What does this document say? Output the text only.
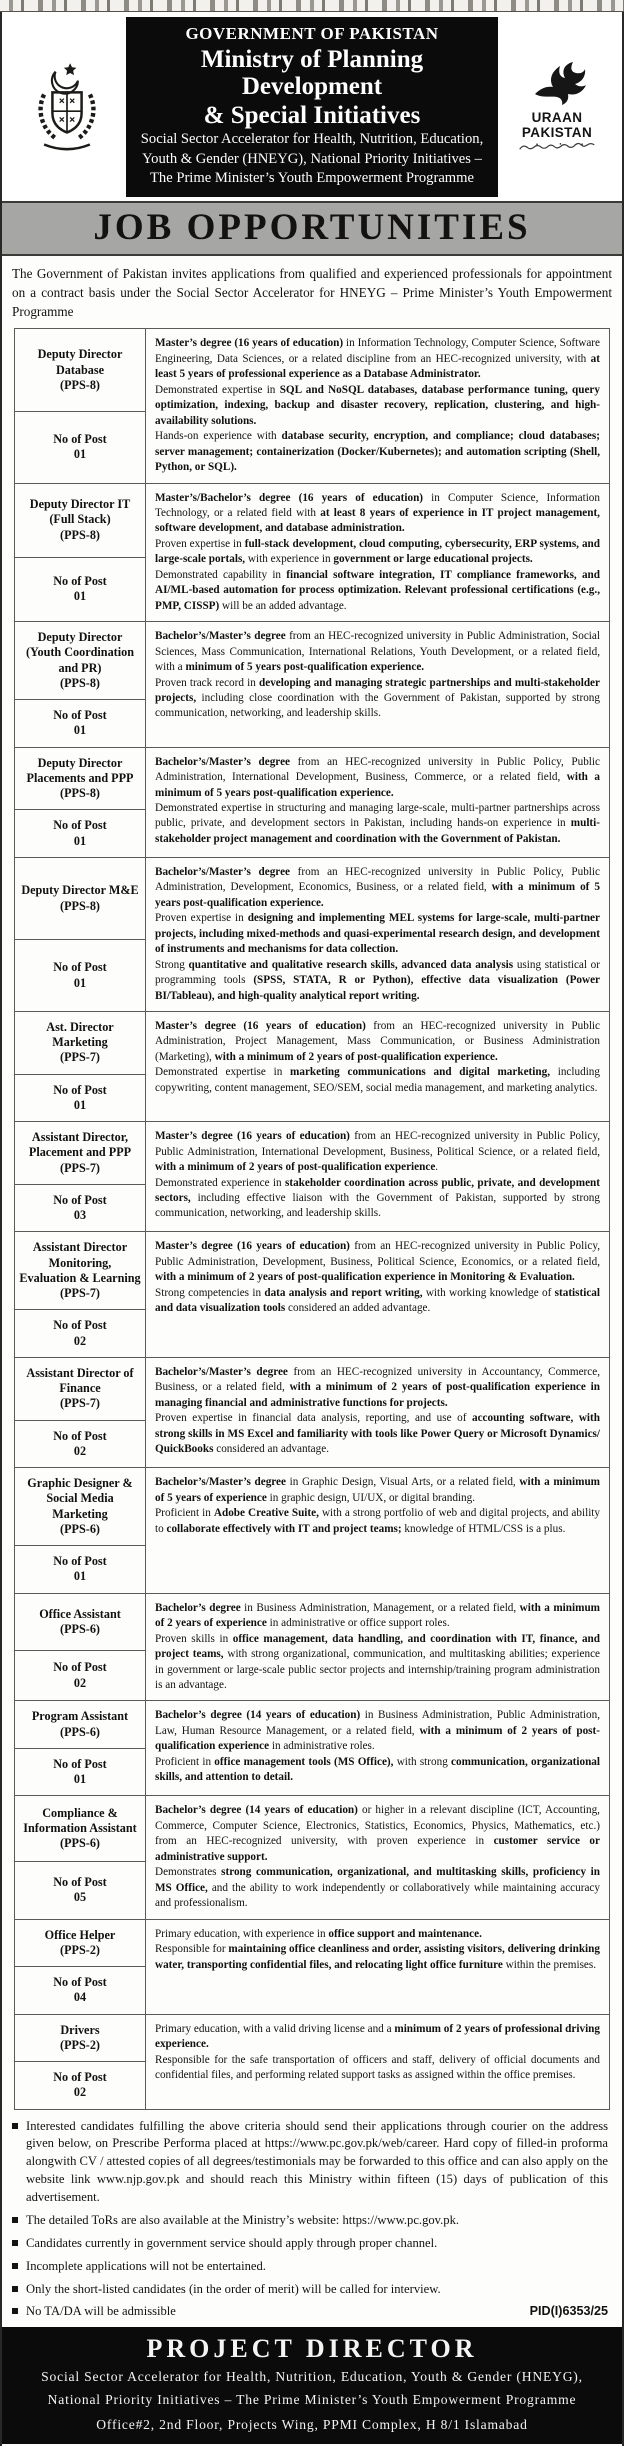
GOVERNMENT OF PAKISTAN
Ministry of Planning Development
& Special Initiatives
Social Sector Accelerator for Health, Nutrition, Education,
Youth & Gender (HNEYG), National Priority Initiatives –
The Prime Minister’s Youth Empowerment Programme
URAAN
PAKISTAN
JOB OPPORTUNITIES
The Government of Pakistan invites applications from qualified and experienced professionals for appointment on a contract basis under the Social Sector Accelerator for HNEYG – Prime Minister’s Youth Empowerment Programme
Deputy Director Database
(PPS-8)
No of Post
01
Master’s degree (16 years of education) in Information Technology, Computer Science, Software Engineering, Data Sciences, or a related discipline from an HEC-recognized university, with at least 5 years of professional experience as a Database Administrator.
Demonstrated expertise in SQL and NoSQL databases, database performance tuning, query optimization, indexing, backup and disaster recovery, replication, clustering, and high-availability solutions.
Hands-on experience with database security, encryption, and compliance; cloud databases; server management; containerization (Docker/Kubernetes); and automation scripting (Shell, Python, or SQL).
Deputy Director IT (Full Stack)
(PPS-8)
No of Post
01
Master’s/Bachelor’s degree (16 years of education) in Computer Science, Information Technology, or a related field with at least 8 years of experience in IT project management, software development, and database administration.
Proven expertise in full-stack development, cloud computing, cybersecurity, ERP systems, and large-scale portals, with experience in government or large educational projects.
Demonstrated capability in financial software integration, IT compliance frameworks, and AI/ML-based automation for process optimization. Relevant professional certifications (e.g., PMP, CISSP) will be an added advantage.
Deputy Director (Youth Coordination and PR)
(PPS-8)
No of Post
01
Bachelor’s/Master’s degree from an HEC-recognized university in Public Administration, Social Sciences, Mass Communication, International Relations, Youth Development, or a related field, with a minimum of 5 years post-qualification experience.
Proven track record in developing and managing strategic partnerships and multi-stakeholder projects, including close coordination with the Government of Pakistan, supported by strong communication, networking, and leadership skills.
Deputy Director Placements and PPP
(PPS-8)
No of Post
01
Bachelor’s/Master’s degree from an HEC-recognized university in Public Policy, Public Administration, International Development, Business, Commerce, or a related field, with a minimum of 5 years post-qualification experience.
Demonstrated expertise in structuring and managing large-scale, multi-partner partnerships across public, private, and development sectors in Pakistan, including hands-on experience in multi-stakeholder project management and coordination with the Government of Pakistan.
Deputy Director M&E
(PPS-8)
No of Post
01
Bachelor’s/Master’s degree from an HEC-recognized university in Public Policy, Public Administration, Development, Economics, Business, or a related field, with a minimum of 5 years post-qualification experience.
Proven expertise in designing and implementing MEL systems for large-scale, multi-partner projects, including mixed-methods and quasi-experimental research design, and development of instruments and mechanisms for data collection.
Strong quantitative and qualitative research skills, advanced data analysis using statistical or programming tools (SPSS, STATA, R or Python), effective data visualization (Power BI/Tableau), and high-quality analytical report writing.
Ast. Director Marketing
(PPS-7)
No of Post
01
Master’s degree (16 years of education) from an HEC-recognized university in Public Administration, Project Management, Mass Communication, or Business Administration (Marketing), with a minimum of 2 years of post-qualification experience.
Demonstrated expertise in marketing communications and digital marketing, including copywriting, content management, SEO/SEM, social media management, and marketing analytics.
Assistant Director, Placement and PPP
(PPS-7)
No of Post
03
Master’s degree (16 years of education) from an HEC-recognized university in Public Policy, Public Administration, International Development, Business, Political Science, or a related field, with a minimum of 2 years of post-qualification experience.
Demonstrated experience in stakeholder coordination across public, private, and development sectors, including effective liaison with the Government of Pakistan, supported by strong communication, networking, and leadership skills.
Assistant Director Monitoring, Evaluation & Learning
(PPS-7)
No of Post
02
Master’s degree (16 years of education) from an HEC-recognized university in Public Policy, Public Administration, Development, Business, Political Science, Economics, or a related field, with a minimum of 2 years of post-qualification experience in Monitoring & Evaluation.
Strong competencies in data analysis and report writing, with working knowledge of statistical and data visualization tools considered an added advantage.
Assistant Director of Finance
(PPS-7)
No of Post
02
Bachelor’s/Master’s degree from an HEC-recognized university in Accountancy, Commerce, Business, or a related field, with a minimum of 2 years of post-qualification experience in managing financial and administrative functions for projects.
Proven expertise in financial data analysis, reporting, and use of accounting software, with strong skills in MS Excel and familiarity with tools like Power Query or Microsoft Dynamics/ QuickBooks considered an advantage.
Graphic Designer & Social Media Marketing
(PPS-6)
No of Post
01
Bachelor’s/Master’s degree in Graphic Design, Visual Arts, or a related field, with a minimum of 5 years of experience in graphic design, UI/UX, or digital branding.
Proficient in Adobe Creative Suite, with a strong portfolio of web and digital projects, and ability to collaborate effectively with IT and project teams; knowledge of HTML/CSS is a plus.
Office Assistant
(PPS-6)
No of Post
02
Bachelor’s degree in Business Administration, Management, or a related field, with a minimum of 2 years of experience in administrative or office support roles.
Proven skills in office management, data handling, and coordination with IT, finance, and project teams, with strong organizational, communication, and multitasking abilities; experience in government or large-scale public sector projects and internship/training program administration is an advantage.
Program Assistant
(PPS-6)
No of Post
01
Bachelor’s degree (14 years of education) in Business Administration, Public Administration, Law, Human Resource Management, or a related field, with a minimum of 2 years of post-qualification experience in administrative roles.
Proficient in office management tools (MS Office), with strong communication, organizational skills, and attention to detail.
Compliance & Information Assistant
(PPS-6)
No of Post
05
Bachelor’s degree (14 years of education) or higher in a relevant discipline (ICT, Accounting, Commerce, Computer Science, Electronics, Statistics, Economics, Physics, Mathematics, etc.) from an HEC-recognized university, with proven experience in customer service or administrative support.
Demonstrates strong communication, organizational, and multitasking skills, proficiency in MS Office, and the ability to work independently or collaboratively while maintaining accuracy and professionalism.
Office Helper
(PPS-2)
No of Post
04
Primary education, with experience in office support and maintenance.
Responsible for maintaining office cleanliness and order, assisting visitors, delivering drinking water, transporting confidential files, and relocating light office furniture within the premises.
Drivers
(PPS-2)
No of Post
02
Primary education, with a valid driving license and a minimum of 2 years of professional driving experience.
Responsible for the safe transportation of officers and staff, delivery of official documents and confidential files, and performing related support tasks as assigned within the office premises.
Interested candidates fulfilling the above criteria should send their applications through courier on the address given below, on Prescribe Performa placed at https://www.pc.gov.pk/web/career. Hard copy of filled-in proforma alongwith CV / attested copies of all degrees/testimonials may be forwarded to this office and can also apply on the website link www.njp.gov.pk and should reach this Ministry within fifteen (15) days of publication of this advertisement.
The detailed ToRs are also available at the Ministry’s website: https://www.pc.gov.pk.
Candidates currently in government service should apply through proper channel.
Incomplete applications will not be entertained.
Only the short-listed candidates (in the order of merit) will be called for interview.
No TA/DA will be admissible	PID(I)6353/25
PROJECT DIRECTOR
Social Sector Accelerator for Health, Nutrition, Education, Youth & Gender (HNEYG),
National Priority Initiatives – The Prime Minister’s Youth Empowerment Programme
Office#2, 2nd Floor, Projects Wing, PPMI Complex, H 8/1 Islamabad
